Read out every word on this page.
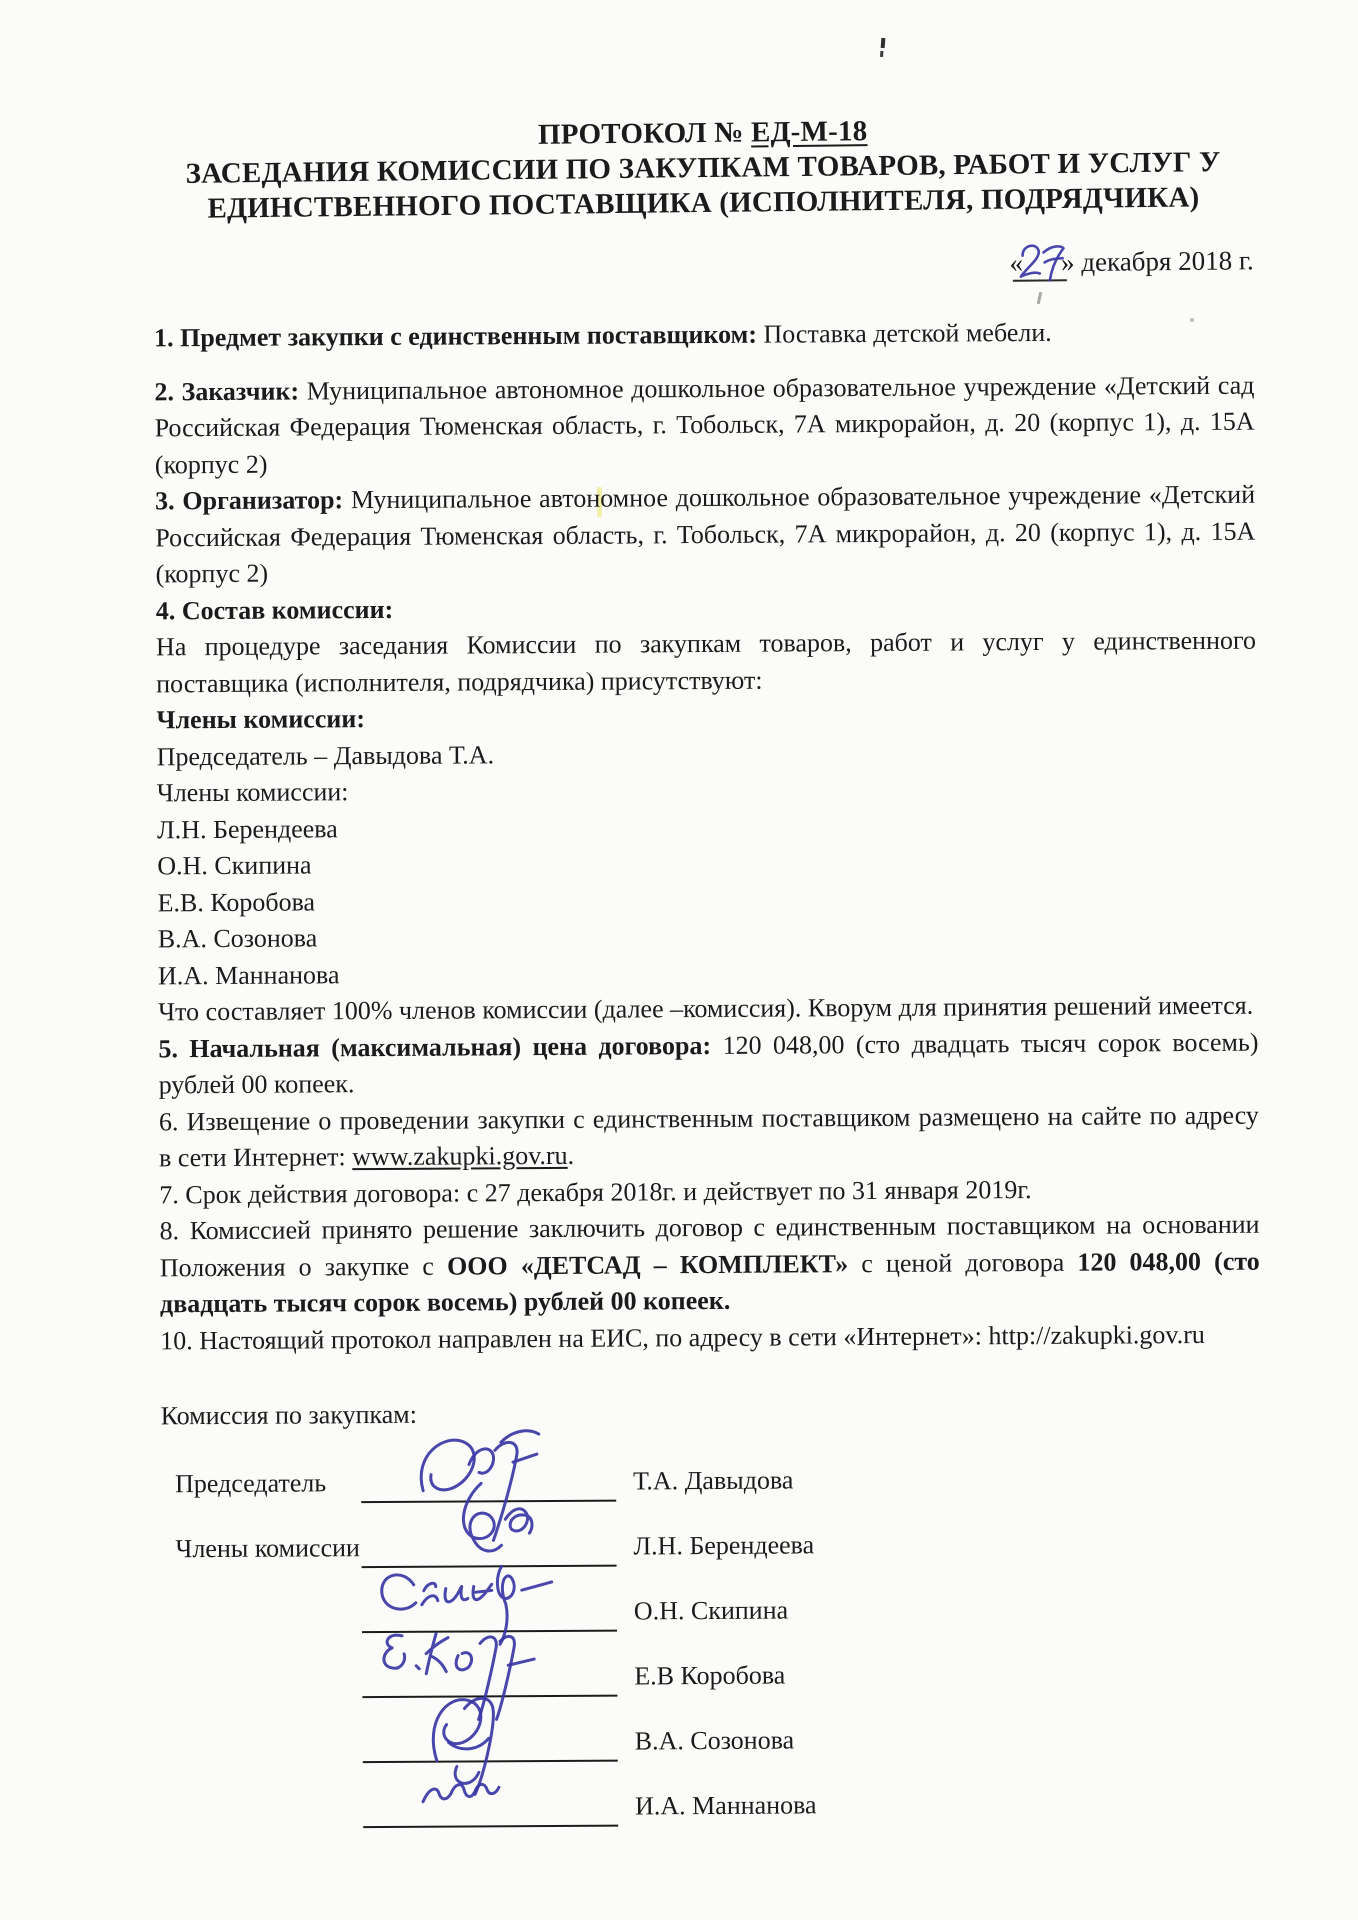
ПРОТОКОЛ № ЕД-М-18
ЗАСЕДАНИЯ КОМИССИИ ПО ЗАКУПКАМ ТОВАРОВ, РАБОТ И УСЛУГ У
ЕДИНСТВЕННОГО ПОСТАВЩИКА (ИСПОЛНИТЕЛЯ, ПОДРЯДЧИКА)
« » декабря 2018 г.
1. Предмет закупки с единственным поставщиком: Поставка детской мебели.
2. Заказчик: Муниципальное автономное дошкольное образовательное учреждение «Детский сад
Российская Федерация Тюменская область, г. Тобольск, 7А микрорайон, д. 20 (корпус 1), д. 15А
(корпус 2)
3. Организатор: Муниципальное автономное дошкольное образовательное учреждение «Детский
Российская Федерация Тюменская область, г. Тобольск, 7А микрорайон, д. 20 (корпус 1), д. 15А
(корпус 2)
4. Состав комиссии:
На процедуре заседания Комиссии по закупкам товаров, работ и услуг у единственного
поставщика (исполнителя, подрядчика) присутствуют:
Члены комиссии:
Председатель – Давыдова Т.А.
Члены комиссии:
Л.Н. Берендеева
О.Н. Скипина
Е.В. Коробова
В.А. Созонова
И.А. Маннанова
Что составляет 100% членов комиссии (далее –комиссия). Кворум для принятия решений имеется.
5. Начальная (максимальная) цена договора: 120 048,00 (сто двадцать тысяч сорок восемь)
рублей 00 копеек.
6. Извещение о проведении закупки с единственным поставщиком размещено на сайте по адресу
в сети Интернет: www.zakupki.gov.ru.
7. Срок действия договора: с 27 декабря 2018г. и действует по 31 января 2019г.
8. Комиссией принято решение заключить договор с единственным поставщиком на основании
Положения о закупке с ООО «ДЕТСАД – КОМПЛЕКТ» с ценой договора 120 048,00 (сто
двадцать тысяч сорок восемь) рублей 00 копеек.
10. Настоящий протокол направлен на ЕИС, по адресу в сети «Интернет»: http://zakupki.gov.ru
Комиссия по закупкам:
Председатель	Т.А. Давыдова
Члены комиссии	Л.Н. Берендеева
О.Н. Скипина
Е.В Коробова
В.А. Созонова
И.А. Маннанова
